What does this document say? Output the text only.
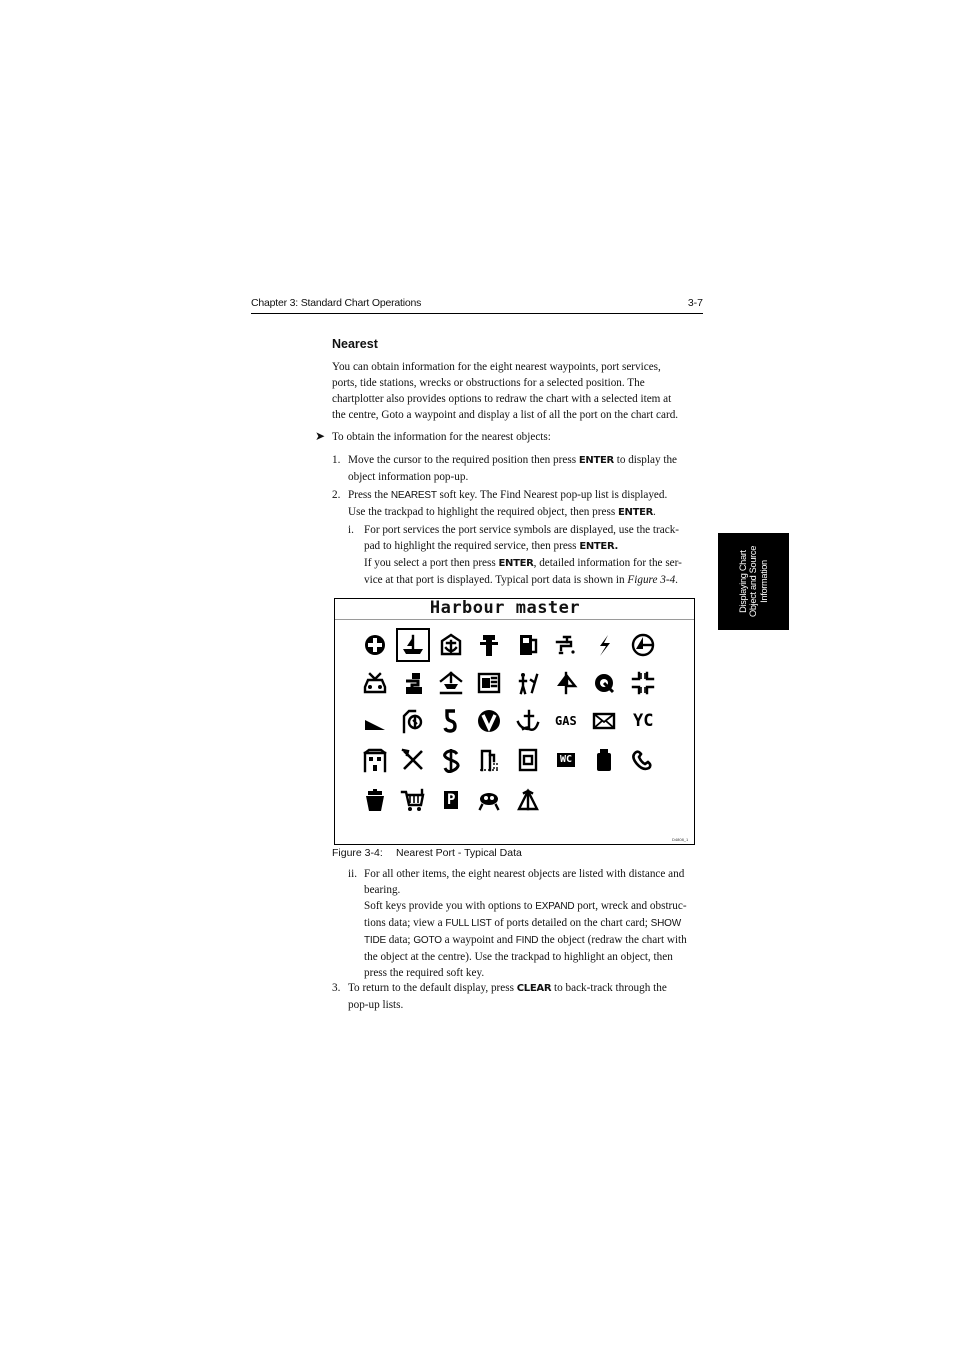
Chapter 3: Standard Chart Operations	3-7
Displaying Chart Object and Source Information
Nearest
You can obtain information for the eight nearest waypoints, port services,
ports, tide stations, wrecks or obstructions for a selected position. The
chartplotter also provides options to redraw the chart with a selected item at
the centre, Goto a waypoint and display a list of all the port on the chart card.
➤ To obtain the information for the nearest objects:
1. Move the cursor to the required position then press ENTER to display the
object information pop-up.
2. Press the NEAREST soft key. The Find Nearest pop-up list is displayed.
Use the trackpad to highlight the required object, then press ENTER.
i. For port services the port service symbols are displayed, use the track-
pad to highlight the required service, then press ENTER.
If you select a port then press ENTER, detailed information for the ser-
vice at that port is displayed. Typical port data is shown in Figure 3-4.
Harbour master
GAS	YC
WC
P
D4808_1
Figure 3-4: Nearest Port - Typical Data
ii. For all other items, the eight nearest objects are listed with distance and
bearing.
Soft keys provide you with options to EXPAND port, wreck and obstruc-
tions data; view a FULL LIST of ports detailed on the chart card; SHOW
TIDE data; GOTO a waypoint and FIND the object (redraw the chart with
the object at the centre). Use the trackpad to highlight an object, then
press the required soft key.
3. To return to the default display, press CLEAR to back-track through the
pop-up lists.
